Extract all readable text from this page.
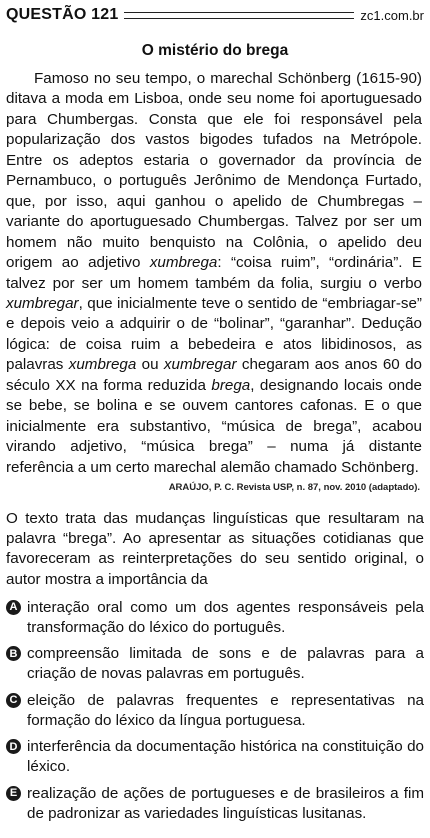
QUESTÃO 121	zc1.com.br
O mistério do brega

Famoso no seu tempo, o marechal Schönberg (1615-90) ditava a moda em Lisboa, onde seu nome foi aportuguesado para Chumbergas. Consta que ele foi responsável pela popularização dos vastos bigodes tufados na Metrópole. Entre os adeptos estaria o governador da província de Pernambuco, o português Jerônimo de Mendonça Furtado, que, por isso, aqui ganhou o apelido de Chumbregas – variante do aportuguesado Chumbergas. Talvez por ser um homem não muito benquisto na Colônia, o apelido deu origem ao adjetivo xumbrega: “coisa ruim”, “ordinária”. E talvez por ser um homem também da folia, surgiu o verbo xumbregar, que inicialmente teve o sentido de “embriagar-se” e depois veio a adquirir o de “bolinar”, “garanhar”. Dedução lógica: de coisa ruim a bebedeira e atos libidinosos, as palavras xumbrega ou xumbregar chegaram aos anos 60 do século XX na forma reduzida brega, designando locais onde se bebe, se bolina e se ouvem cantores cafonas. E o que inicialmente era substantivo, “música de brega”, acabou virando adjetivo, “música brega” – numa já distante referência a um certo marechal alemão chamado Schönberg.

ARAÚJO, P. C. Revista USP, n. 87, nov. 2010 (adaptado).
O texto trata das mudanças linguísticas que resultaram na palavra “brega”. Ao apresentar as situações cotidianas que favoreceram as reinterpretações do seu sentido original, o autor mostra a importância da
A interação oral como um dos agentes responsáveis pela transformação do léxico do português.
B compreensão limitada de sons e de palavras para a criação de novas palavras em português.
C eleição de palavras frequentes e representativas na formação do léxico da língua portuguesa.
D interferência da documentação histórica na constituição do léxico.
E realização de ações de portugueses e de brasileiros a fim de padronizar as variedades linguísticas lusitanas.
